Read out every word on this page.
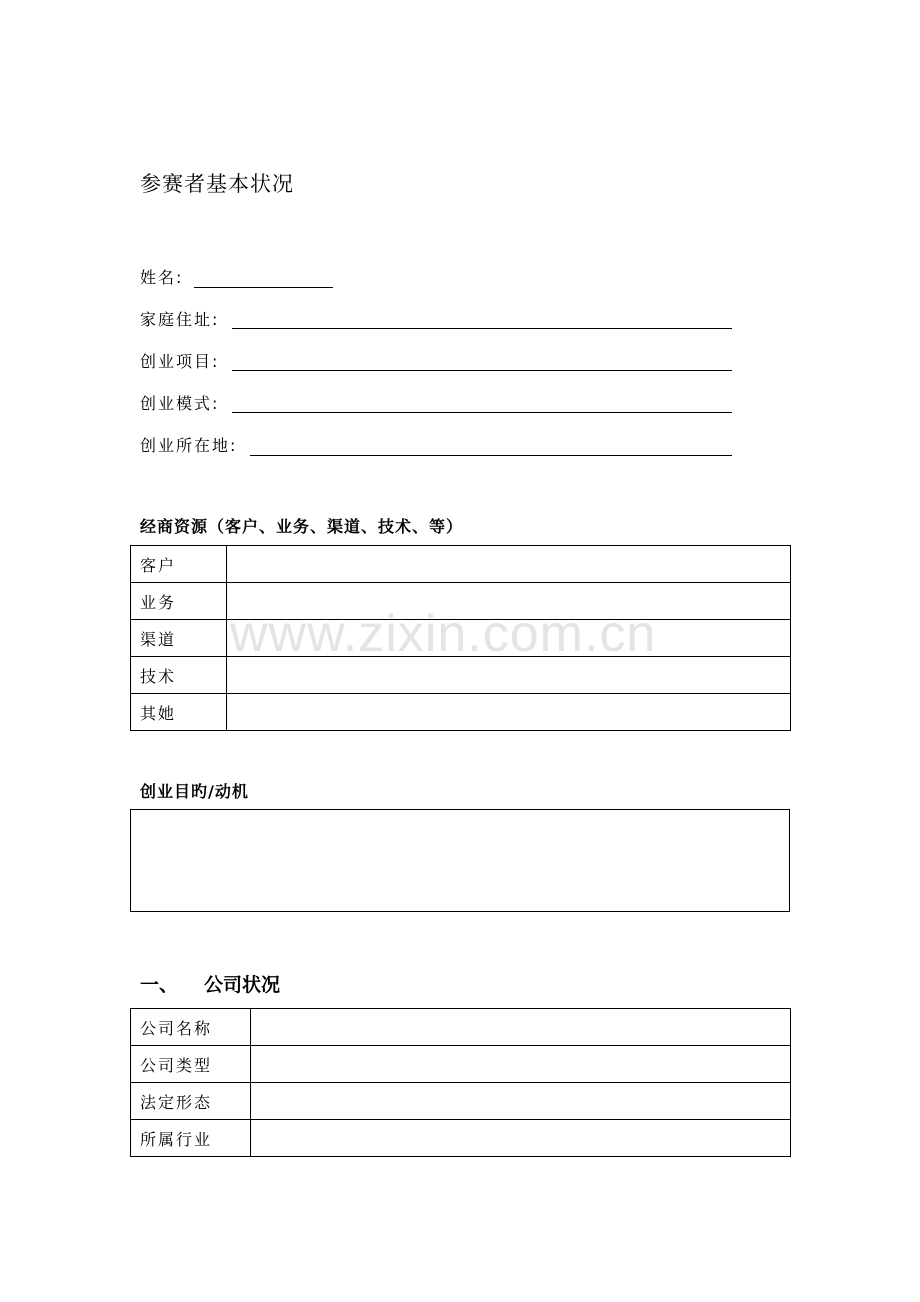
参赛者基本状况
姓名:
家庭住址:
创业项目:
创业模式:
创业所在地:
经商资源（客户、业务、渠道、技术、等）
客户	
业务	
渠道	
技术	
其她	
www.zixin.com.cn
创业目旳/动机
一、 公司状况
公司名称	
公司类型	
法定形态	
所属行业	
